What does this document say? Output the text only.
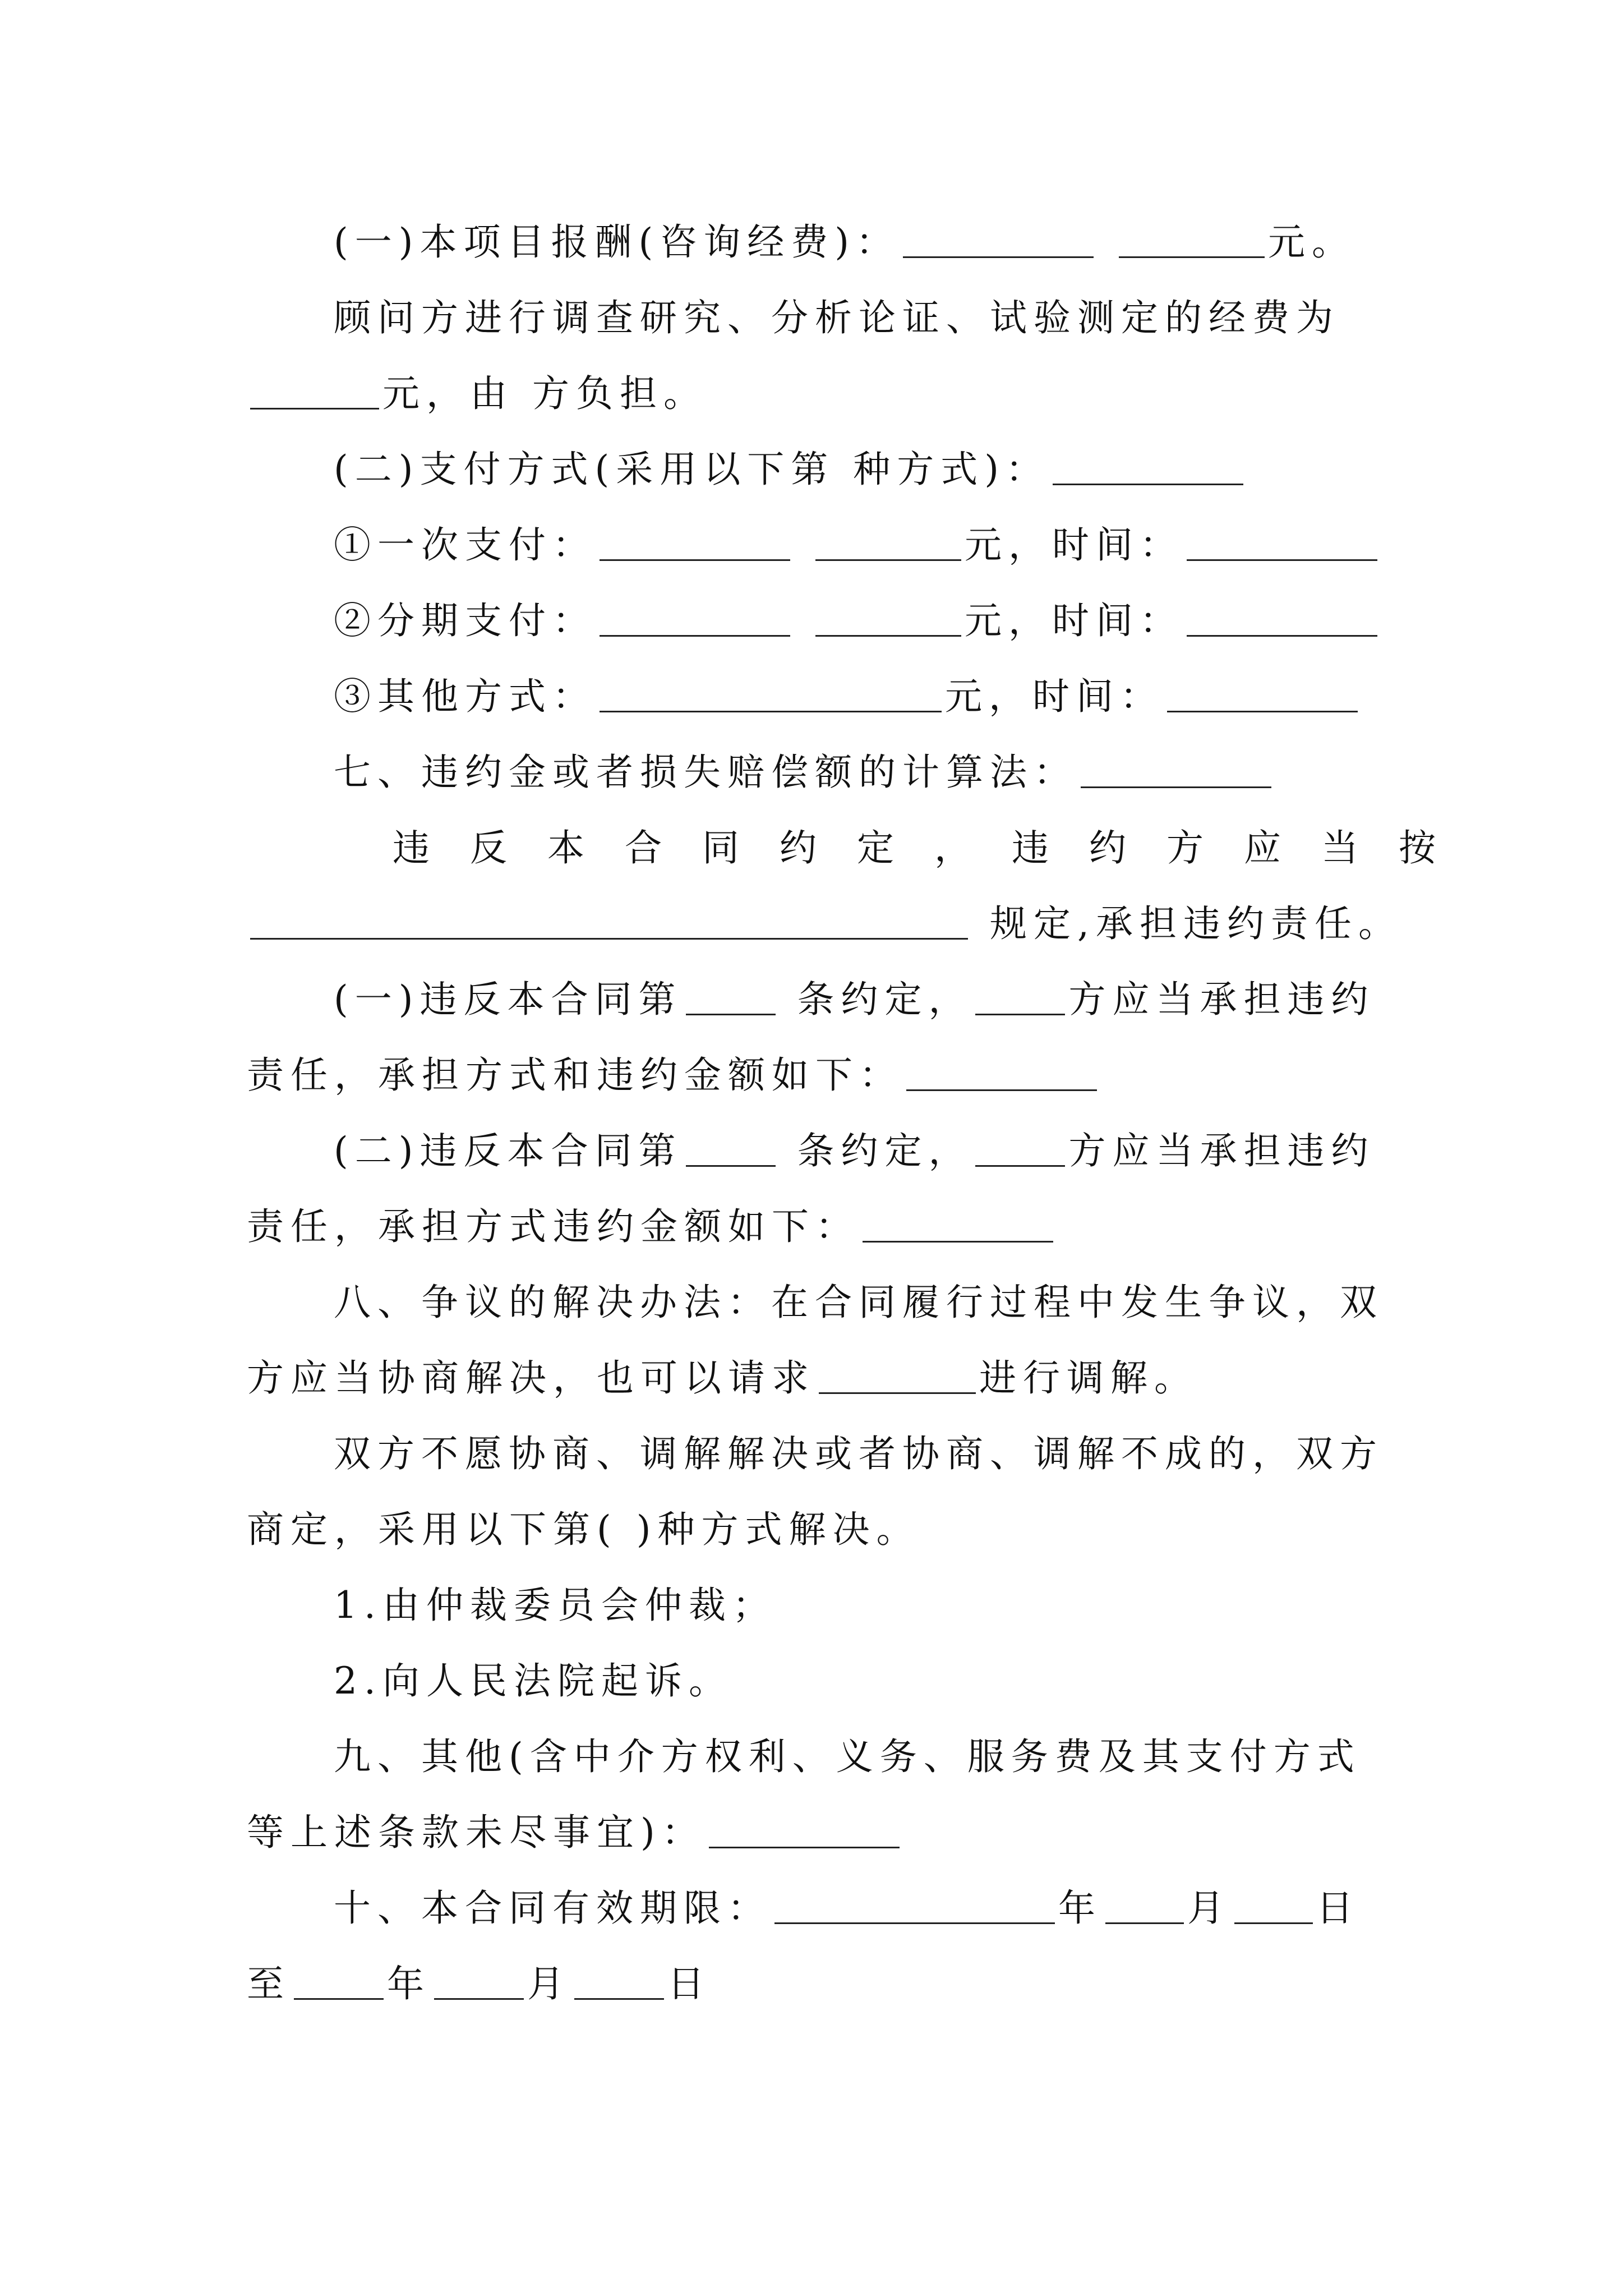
(一)本项目报酬(咨询经费)：	元。
顾问方进行调查研究、分析论证、试验测定的经费为
元，由 方负担。
(二)支付方式(采用以下第 种方式)：
①一次支付：	元，时间：
②分期支付：	元，时间：
③其他方式：	元，时间：
七、违约金或者损失赔偿额的计算法：
违反本合同约定，违约方应当按
规定,承担违约责任。
(一)违反本合同第	条约定，	方应当承担违约
责任，承担方式和违约金额如下：
(二)违反本合同第	条约定，	方应当承担违约
责任，承担方式违约金额如下：
八、争议的解决办法：在合同履行过程中发生争议，双
方应当协商解决，也可以请求	进行调解。
双方不愿协商、调解解决或者协商、调解不成的，双方
商定，采用以下第( )种方式解决。
1.由仲裁委员会仲裁；
2.向人民法院起诉。
九、其他(含中介方权利、义务、服务费及其支付方式
等上述条款未尽事宜)：
十、本合同有效期限：	年 月 日
至	年	月	日
